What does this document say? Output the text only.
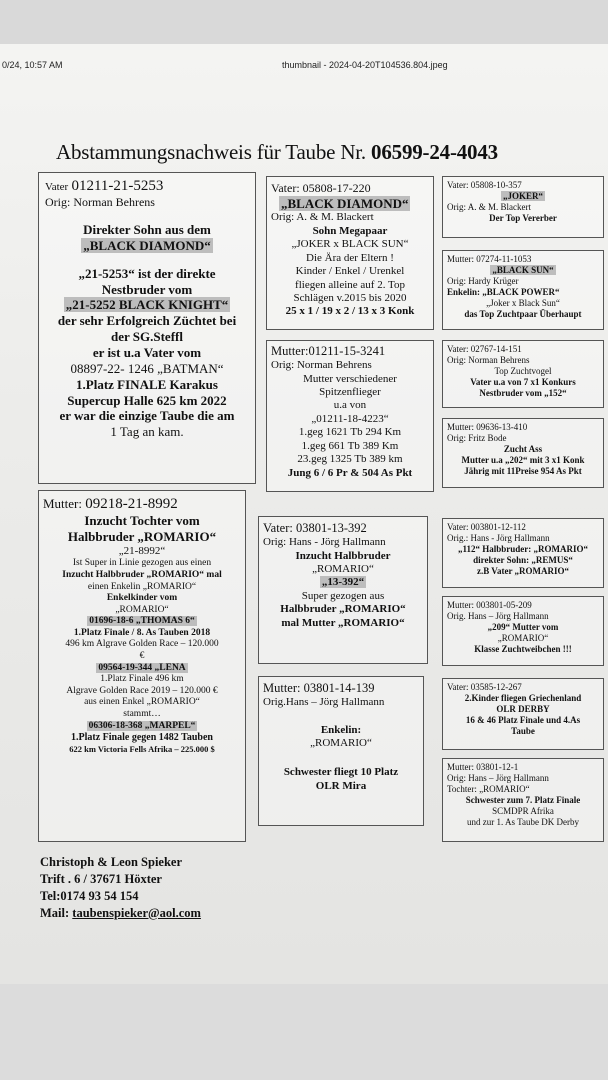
0/24, 10:57 AM	thumbnail - 2024-04-20T104536.804.jpeg
Abstammungsnachweis für Taube Nr. 06599-24-4043
Vater 01211-21-5253
Orig: Norman Behrens
Direkter Sohn aus dem
„BLACK DIAMOND“
„21-5253“ ist der direkte
Nestbruder vom
„21-5252 BLACK KNIGHT“
der sehr Erfolgreich Züchtet bei
der SG.Steffl
er ist u.a Vater vom
08897-22- 1246 „BATMAN“
1.Platz FINALE Karakus
Supercup Halle 625 km 2022
er war die einzige Taube die am
1 Tag an kam.
Vater: 05808-17-220
„BLACK DIAMOND“
Orig: A. & M. Blackert
Sohn Megapaar
„JOKER x BLACK SUN“
Die Ära der Eltern !
Kinder / Enkel / Urenkel
fliegen alleine auf 2. Top
Schlägen v.2015 bis 2020
25 x 1 / 19 x 2 / 13 x 3 Konk
Vater: 05808-10-357
„JOKER“
Orig: A. & M. Blackert
Der Top Vererber
Mutter: 07274-11-1053
„BLACK SUN“
Orig: Hardy Krüger
Enkelin: „BLACK POWER“
„Joker x Black Sun“
das Top Zuchtpaar Überhaupt
Mutter:01211-15-3241
Orig: Norman Behrens
Mutter verschiedener
Spitzenflieger
u.a von
„01211-18-4223“
1.geg 1621 Tb 294 Km
1.geg 661 Tb 389 Km
23.geg 1325 Tb 389 km
Jung 6 / 6 Pr & 504 As Pkt
Vater: 02767-14-151
Orig: Norman Behrens
Top Zuchtvogel
Vater u.a von 7 x1 Konkurs
Nestbruder vom „152“
Mutter: 09636-13-410
Orig: Fritz Bode
Zucht Ass
Mutter u.a „202“ mit 3 x1 Konk
Jährig mit 11Preise 954 As Pkt
Mutter: 09218-21-8992
Inzucht Tochter vom
Halbbruder „ROMARIO“
„21-8992“
Ist Super in Linie gezogen aus einen
Inzucht Halbbruder „ROMARIO“ mal
einen Enkelin „ROMARIO“
Enkelkinder vom
„ROMARIO“
01696-18-6 „THOMAS 6“
1.Platz Finale / 8. As Tauben 2018
496 km Algrave Golden Race – 120.000
€
09564-19-344 „LENA
1.Platz Finale 496 km
Algrave Golden Race 2019 – 120.000 €
aus einen Enkel „ROMARIO“
stammt…
06306-18-368 „MARPEL“
1.Platz Finale gegen 1482 Tauben
622 km Victoria Fells Afrika – 225.000 $
Vater: 03801-13-392
Orig: Hans - Jörg Hallmann
Inzucht Halbbruder
„ROMARIO“
„13-392“
Super gezogen aus
Halbbruder „ROMARIO“
mal Mutter „ROMARIO“
Vater: 003801-12-112
Orig.: Hans - Jörg Hallmann
„112“ Halbbruder: „ROMARIO“
direkter Sohn: „REMUS“
z.B Vater „ROMARIO“
Mutter: 003801-05-209
Orig. Hans – Jörg Hallmann
„209“ Mutter vom
„ROMARIO“
Klasse Zuchtweibchen !!!
Mutter: 03801-14-139
Orig.Hans – Jörg Hallmann
Enkelin:
„ROMARIO“
Schwester fliegt 10 Platz
OLR Mira
Vater: 03585-12-267
2.Kinder fliegen Griechenland
OLR DERBY
16 & 46 Platz Finale und 4.As
Taube
Mutter: 03801-12-1
Orig: Hans – Jörg Hallmann
Tochter: „ROMARIO“
Schwester zum 7. Platz Finale
SCMDPR Afrika
und zur 1. As Taube DK Derby
Christoph & Leon Spieker
Trift . 6 / 37671 Höxter
Tel:0174 93 54 154
Mail: taubenspieker@aol.com
